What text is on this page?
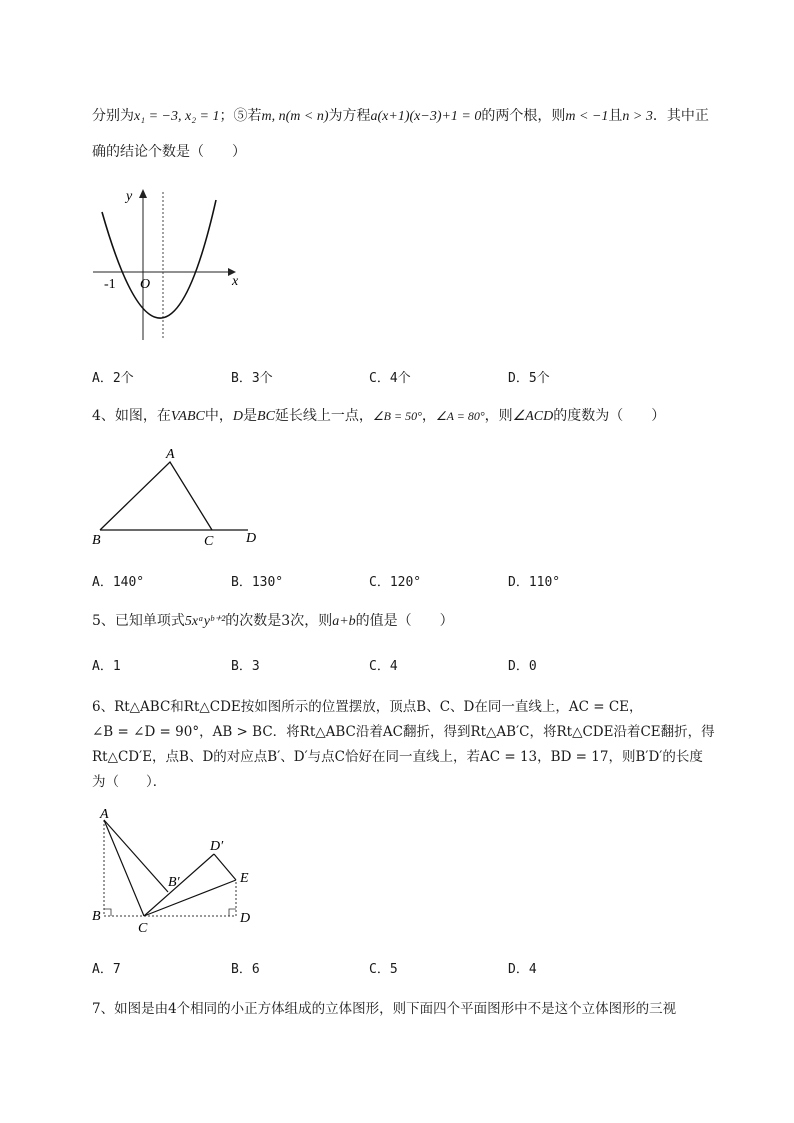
分别为x₁ = −3, x₂ = 1；⑤若m, n(m < n)为方程a(x+1)(x−3)+1 = 0的两个根，则m < −1且n > 3．其中正
确的结论个数是（　　）
y
x
O
-1
A．2个	B．3个	C．4个	D．5个
4、如图，在VABC中，D是BC延长线上一点，∠B = 50°，∠A = 80°，则∠ACD的度数为（　　）
A
B	C D
A．140°	B．130°	C．120°	D．110°
5、已知单项式5xᵃyᵇ⁺²的次数是3次，则a+b的值是（　　）
A．1	B．3	C．4	D．0
6、Rt△ABC和Rt△CDE按如图所示的位置摆放，顶点B、C、D在同一直线上，AC = CE，
∠B = ∠D = 90°，AB > BC．将Rt△ABC沿着AC翻折，得到Rt△AB′C，将Rt△CDE沿着CE翻折，得
Rt△CD′E，点B、D的对应点B′、D′与点C恰好在同一直线上，若AC = 13，BD = 17，则B′D′的长度
为（　　）．
A
B
C
D
E
B′
D′
A．7	B．6	C．5	D．4
7、如图是由4个相同的小正方体组成的立体图形，则下面四个平面图形中不是这个立体图形的三视
